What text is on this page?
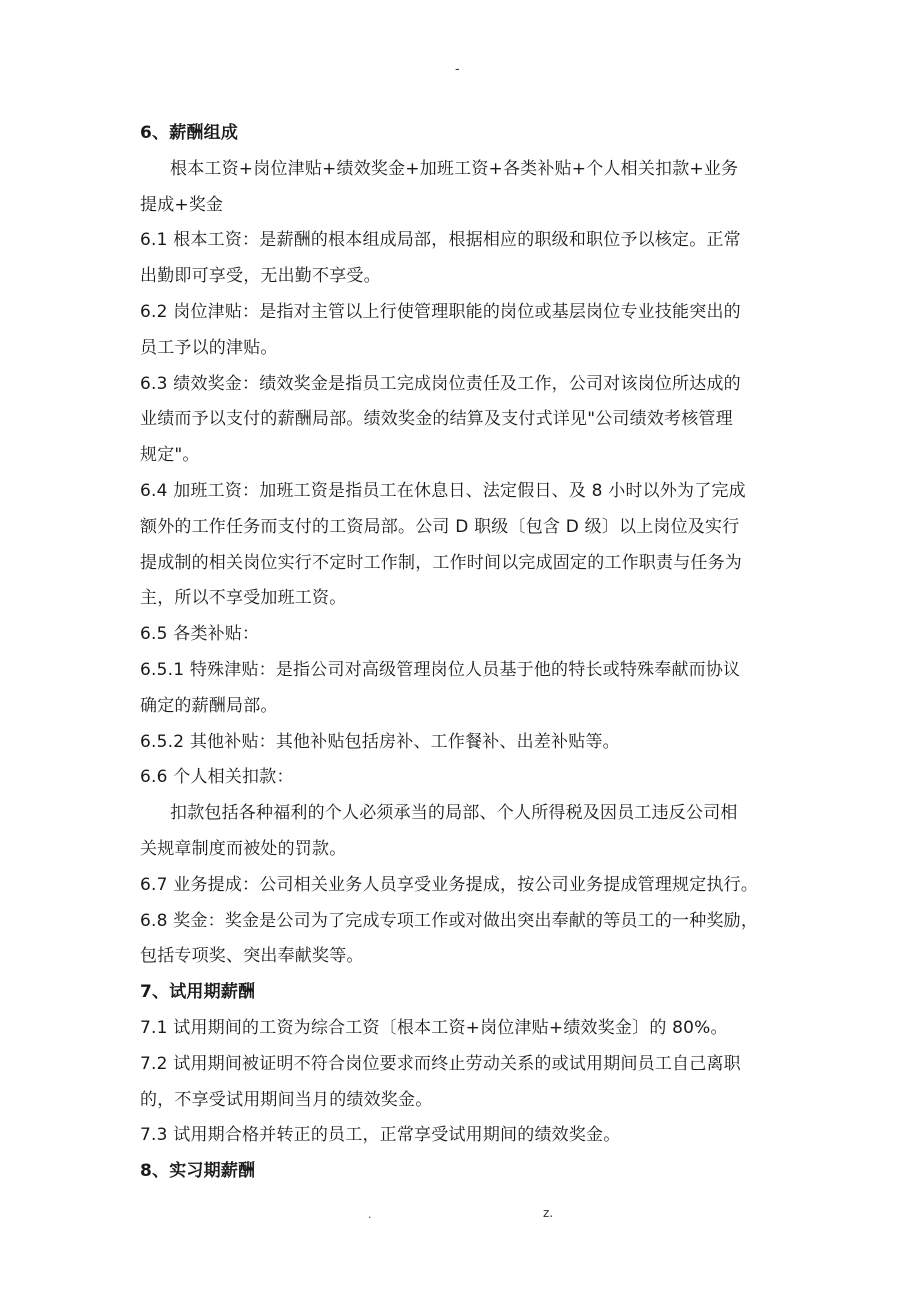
-
6、薪酬组成
根本工资+岗位津贴+绩效奖金+加班工资+各类补贴+个人相关扣款+业务
提成+奖金
6.1 根本工资：是薪酬的根本组成局部，根据相应的职级和职位予以核定。正常
出勤即可享受，无出勤不享受。
6.2 岗位津贴：是指对主管以上行使管理职能的岗位或基层岗位专业技能突出的
员工予以的津贴。
6.3 绩效奖金：绩效奖金是指员工完成岗位责任及工作，公司对该岗位所达成的
业绩而予以支付的薪酬局部。绩效奖金的结算及支付式详见"公司绩效考核管理
规定"。
6.4 加班工资：加班工资是指员工在休息日、法定假日、及 8 小时以外为了完成
额外的工作任务而支付的工资局部。公司 D 职级〔包含 D 级〕以上岗位及实行
提成制的相关岗位实行不定时工作制，工作时间以完成固定的工作职责与任务为
主，所以不享受加班工资。
6.5 各类补贴：
6.5.1 特殊津贴：是指公司对高级管理岗位人员基于他的特长或特殊奉献而协议
确定的薪酬局部。
6.5.2 其他补贴：其他补贴包括房补、工作餐补、出差补贴等。
6.6 个人相关扣款：
扣款包括各种福利的个人必须承当的局部、个人所得税及因员工违反公司相
关规章制度而被处的罚款。
6.7 业务提成：公司相关业务人员享受业务提成，按公司业务提成管理规定执行。
6.8 奖金：奖金是公司为了完成专项工作或对做出突出奉献的等员工的一种奖励，
包括专项奖、突出奉献奖等。
7、试用期薪酬
7.1 试用期间的工资为综合工资〔根本工资+岗位津贴+绩效奖金〕的 80%。
7.2 试用期间被证明不符合岗位要求而终止劳动关系的或试用期间员工自己离职
的，不享受试用期间当月的绩效奖金。
7.3 试用期合格并转正的员工，正常享受试用期间的绩效奖金。
8、实习期薪酬
.	z.
